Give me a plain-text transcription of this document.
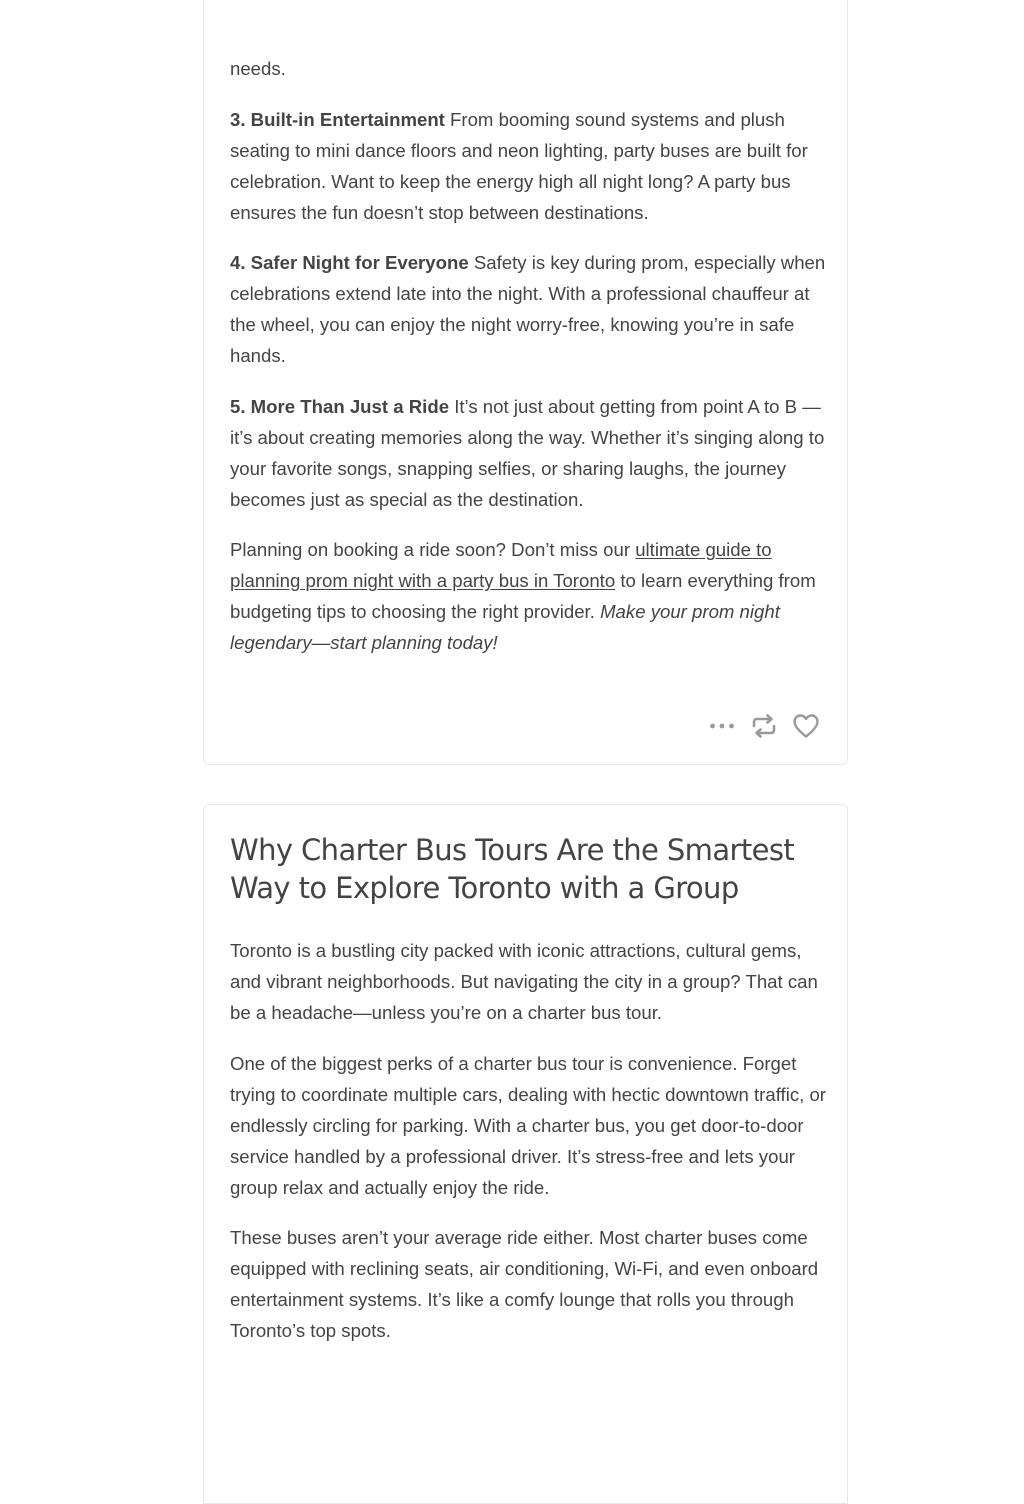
needs.

3. Built-in Entertainment From booming sound systems and plush seating to mini dance floors and neon lighting, party buses are built for celebration. Want to keep the energy high all night long? A party bus ensures the fun doesn’t stop between destinations.

4. Safer Night for Everyone Safety is key during prom, especially when celebrations extend late into the night. With a professional chauffeur at the wheel, you can enjoy the night worry-free, knowing you’re in safe hands.

5. More Than Just a Ride It’s not just about getting from point A to B —it’s about creating memories along the way. Whether it’s singing along to your favorite songs, snapping selfies, or sharing laughs, the journey becomes just as special as the destination.

Planning on booking a ride soon? Don’t miss our ultimate guide to planning prom night with a party bus in Toronto to learn everything from budgeting tips to choosing the right provider. Make your prom night legendary—start planning today!

Why Charter Bus Tours Are the Smartest Way to Explore Toronto with a Group

Toronto is a bustling city packed with iconic attractions, cultural gems, and vibrant neighborhoods. But navigating the city in a group? That can be a headache—unless you’re on a charter bus tour.

One of the biggest perks of a charter bus tour is convenience. Forget trying to coordinate multiple cars, dealing with hectic downtown traffic, or endlessly circling for parking. With a charter bus, you get door-to-door service handled by a professional driver. It’s stress-free and lets your group relax and actually enjoy the ride.

These buses aren’t your average ride either. Most charter buses come equipped with reclining seats, air conditioning, Wi-Fi, and even onboard entertainment systems. It’s like a comfy lounge that rolls you through Toronto’s top spots.
